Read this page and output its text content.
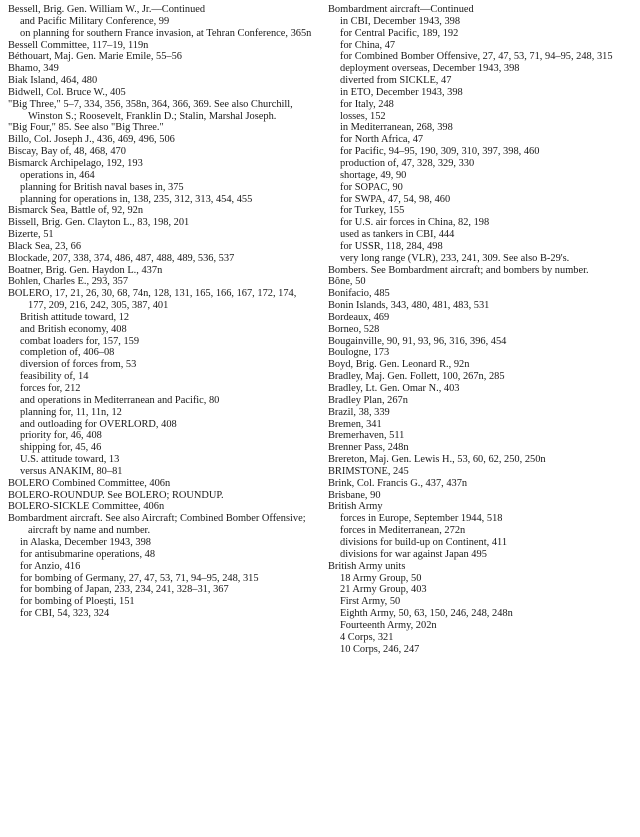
Bessell, Brig. Gen. William W., Jr.—Continued
and Pacific Military Conference, 99
on planning for southern France invasion, at Tehran Conference, 365n
Bessell Committee, 117–19, 119n
Béthouart, Maj. Gen. Marie Emile, 55–56
Bhamo, 349
Biak Island, 464, 480
Bidwell, Col. Bruce W., 405
"Big Three," 5–7, 334, 356, 358n, 364, 366, 369. See also Churchill, Winston S.; Roosevelt, Franklin D.; Stalin, Marshal Joseph.
"Big Four," 85. See also "Big Three."
Billo, Col. Joseph J., 436, 469, 496, 506
Biscay, Bay of, 48, 468, 470
Bismarck Archipelago, 192, 193
operations in, 464
planning for British naval bases in, 375
planning for operations in, 138, 235, 312, 313, 454, 455
Bismarck Sea, Battle of, 92, 92n
Bissell, Brig. Gen. Clayton L., 83, 198, 201
Bizerte, 51
Black Sea, 23, 66
Blockade, 207, 338, 374, 486, 487, 488, 489, 536, 537
Boatner, Brig. Gen. Haydon L., 437n
Bohlen, Charles E., 293, 357
BOLERO, 17, 21, 26, 30, 68, 74n, 128, 131, 165, 166, 167, 172, 174, 177, 209, 216, 242, 305, 387, 401
British attitude toward, 12
and British economy, 408
combat loaders for, 157, 159
completion of, 406–08
diversion of forces from, 53
feasibility of, 14
forces for, 212
and operations in Mediterranean and Pacific, 80
planning for, 11, 11n, 12
and outloading for OVERLORD, 408
priority for, 46, 408
shipping for, 45, 46
U.S. attitude toward, 13
versus ANAKIM, 80–81
BOLERO Combined Committee, 406n
BOLERO-ROUNDUP. See BOLERO; ROUNDUP.
BOLERO-SICKLE Committee, 406n
Bombardment aircraft. See also Aircraft; Combined Bomber Offensive; aircraft by name and number.
in Alaska, December 1943, 398
for antisubmarine operations, 48
for Anzio, 416
for bombing of Germany, 27, 47, 53, 71, 94–95, 248, 315
for bombing of Japan, 233, 234, 241, 328–31, 367
for bombing of Ploești, 151
for CBI, 54, 323, 324
Bombardment aircraft—Continued
in CBI, December 1943, 398
for Central Pacific, 189, 192
for China, 47
for Combined Bomber Offensive, 27, 47, 53, 71, 94–95, 248, 315
deployment overseas, December 1943, 398
diverted from SICKLE, 47
in ETO, December 1943, 398
for Italy, 248
losses, 152
in Mediterranean, 268, 398
for North Africa, 47
for Pacific, 94–95, 190, 309, 310, 397, 398, 460
production of, 47, 328, 329, 330
shortage, 49, 90
for SOPAC, 90
for SWPA, 47, 54, 98, 460
for Turkey, 155
for U.S. air forces in China, 82, 198
used as tankers in CBI, 444
for USSR, 118, 284, 498
very long range (VLR), 233, 241, 309. See also B-29's.
Bombers. See Bombardment aircraft; and bombers by number.
Bône, 50
Bonifacio, 485
Bonin Islands, 343, 480, 481, 483, 531
Bordeaux, 469
Borneo, 528
Bougainville, 90, 91, 93, 96, 316, 396, 454
Boulogne, 173
Boyd, Brig. Gen. Leonard R., 92n
Bradley, Maj. Gen. Follett, 100, 267n, 285
Bradley, Lt. Gen. Omar N., 403
Bradley Plan, 267n
Brazil, 38, 339
Bremen, 341
Bremerhaven, 511
Brenner Pass, 248n
Brereton, Maj. Gen. Lewis H., 53, 60, 62, 250, 250n
BRIMSTONE, 245
Brink, Col. Francis G., 437, 437n
Brisbane, 90
British Army
forces in Europe, September 1944, 518
forces in Mediterranean, 272n
divisions for build-up on Continent, 411
divisions for war against Japan 495
British Army units
18 Army Group, 50
21 Army Group, 403
First Army, 50
Eighth Army, 50, 63, 150, 246, 248, 248n
Fourteenth Army, 202n
4 Corps, 321
10 Corps, 246, 247
